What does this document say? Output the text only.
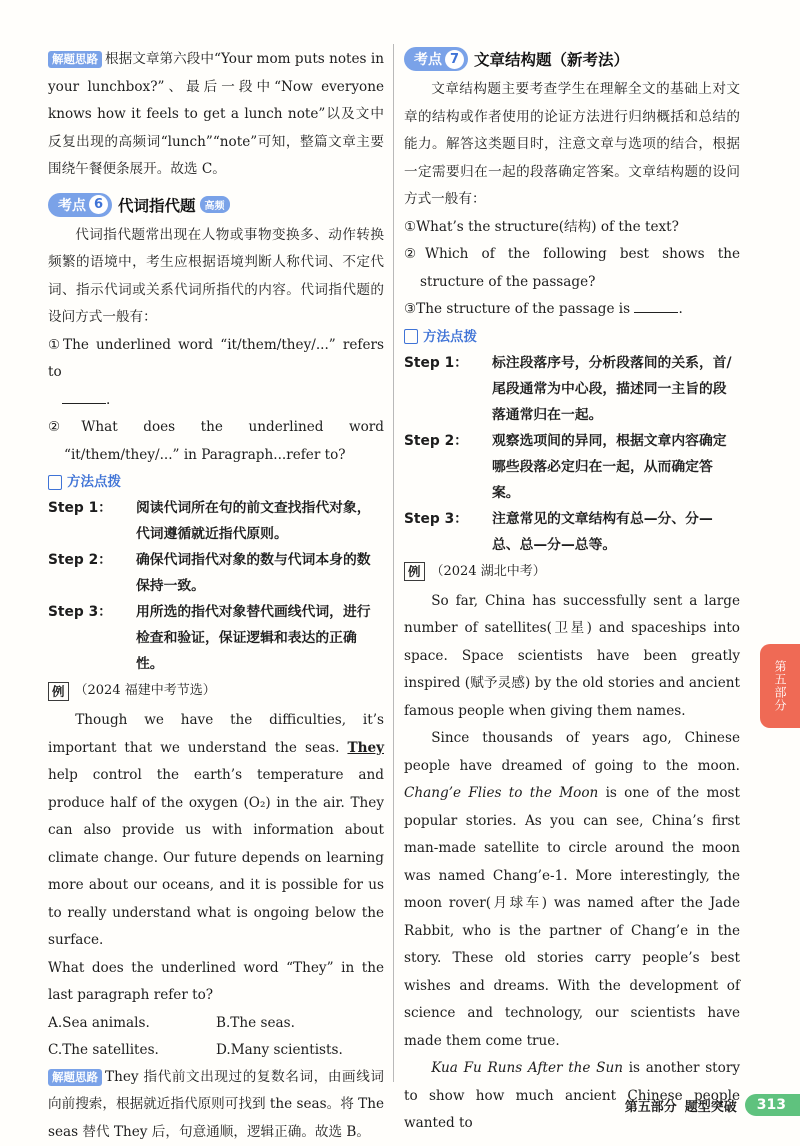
解题思路 根据文章第六段中“Your mom puts notes in your lunchbox?”、最后一段中“Now everyone knows how it feels to get a lunch note”以及文中反复出现的高频词“lunch”“note”可知，整篇文章主要围绕午餐便条展开。故选 C。

考点 6 代词指代题 高频

代词指代题常出现在人物或事物变换多、动作转换频繁的语境中，考生应根据语境判断人称代词、不定代词、指示代词或关系代词所指代的内容。代词指代题的设问方式一般有：

①The underlined word “it/them/they/...” refers to

.

②What does the underlined word “it/them/they/...” in Paragraph...refer to?

方法点拨
Step 1：	阅读代词所在句的前文查找指代对象，代词遵循就近指代原则。
Step 2：	确保代词指代对象的数与代词本身的数保持一致。
Step 3：	用所选的指代对象替代画线代词，进行检查和验证，保证逻辑和表达的正确性。
例 （2024 福建中考节选）

Though we have the difficulties, it’s important that we understand the seas. They help control the earth’s temperature and produce half of the oxygen (O₂) in the air. They can also provide us with information about climate change. Our future depends on learning more about our oceans, and it is possible for us to really understand what is ongoing below the surface.

What does the underlined word “They” in the last paragraph refer to?

A.Sea animals.	B.The seas.
C.The satellites.	D.Many scientists.

解题思路 They 指代前文出现过的复数名词，由画线词向前搜索，根据就近指代原则可找到 the seas。将 The seas 替代 They 后，句意通顺，逻辑正确。故选 B。

考点 7 文章结构题（新考法）

文章结构题主要考查学生在理解全文的基础上对文章的结构或作者使用的论证方法进行归纳概括和总结的能力。解答这类题目时，注意文章与选项的结合，根据一定需要归在一起的段落确定答案。文章结构题的设问方式一般有：

①What’s the structure(结构) of the text?

②Which of the following best shows the structure of the passage?

③The structure of the passage is	.

方法点拨
Step 1：	标注段落序号，分析段落间的关系，首/尾段通常为中心段，描述同一主旨的段落通常归在一起。
Step 2：	观察选项间的异同，根据文章内容确定哪些段落必定归在一起，从而确定答案。
Step 3：	注意常见的文章结构有总—分、分—总、总—分—总等。
例 （2024 湖北中考）

So far, China has successfully sent a large number of satellites(卫星) and spaceships into space. Space scientists have been greatly inspired (赋予灵感) by the old stories and ancient famous people when giving them names.

Since thousands of years ago, Chinese people have dreamed of going to the moon. Chang’e Flies to the Moon is one of the most popular stories. As you can see, China’s first man-made satellite to circle around the moon was named Chang’e-1. More interestingly, the moon rover(月球车) was named after the Jade Rabbit, who is the partner of Chang’e in the story. These old stories carry people’s best wishes and dreams. With the development of science and technology, our scientists have made them come true.

Kua Fu Runs After the Sun is another story to show how much ancient Chinese people wanted to

第五部分
第五部分 题型突破	313
